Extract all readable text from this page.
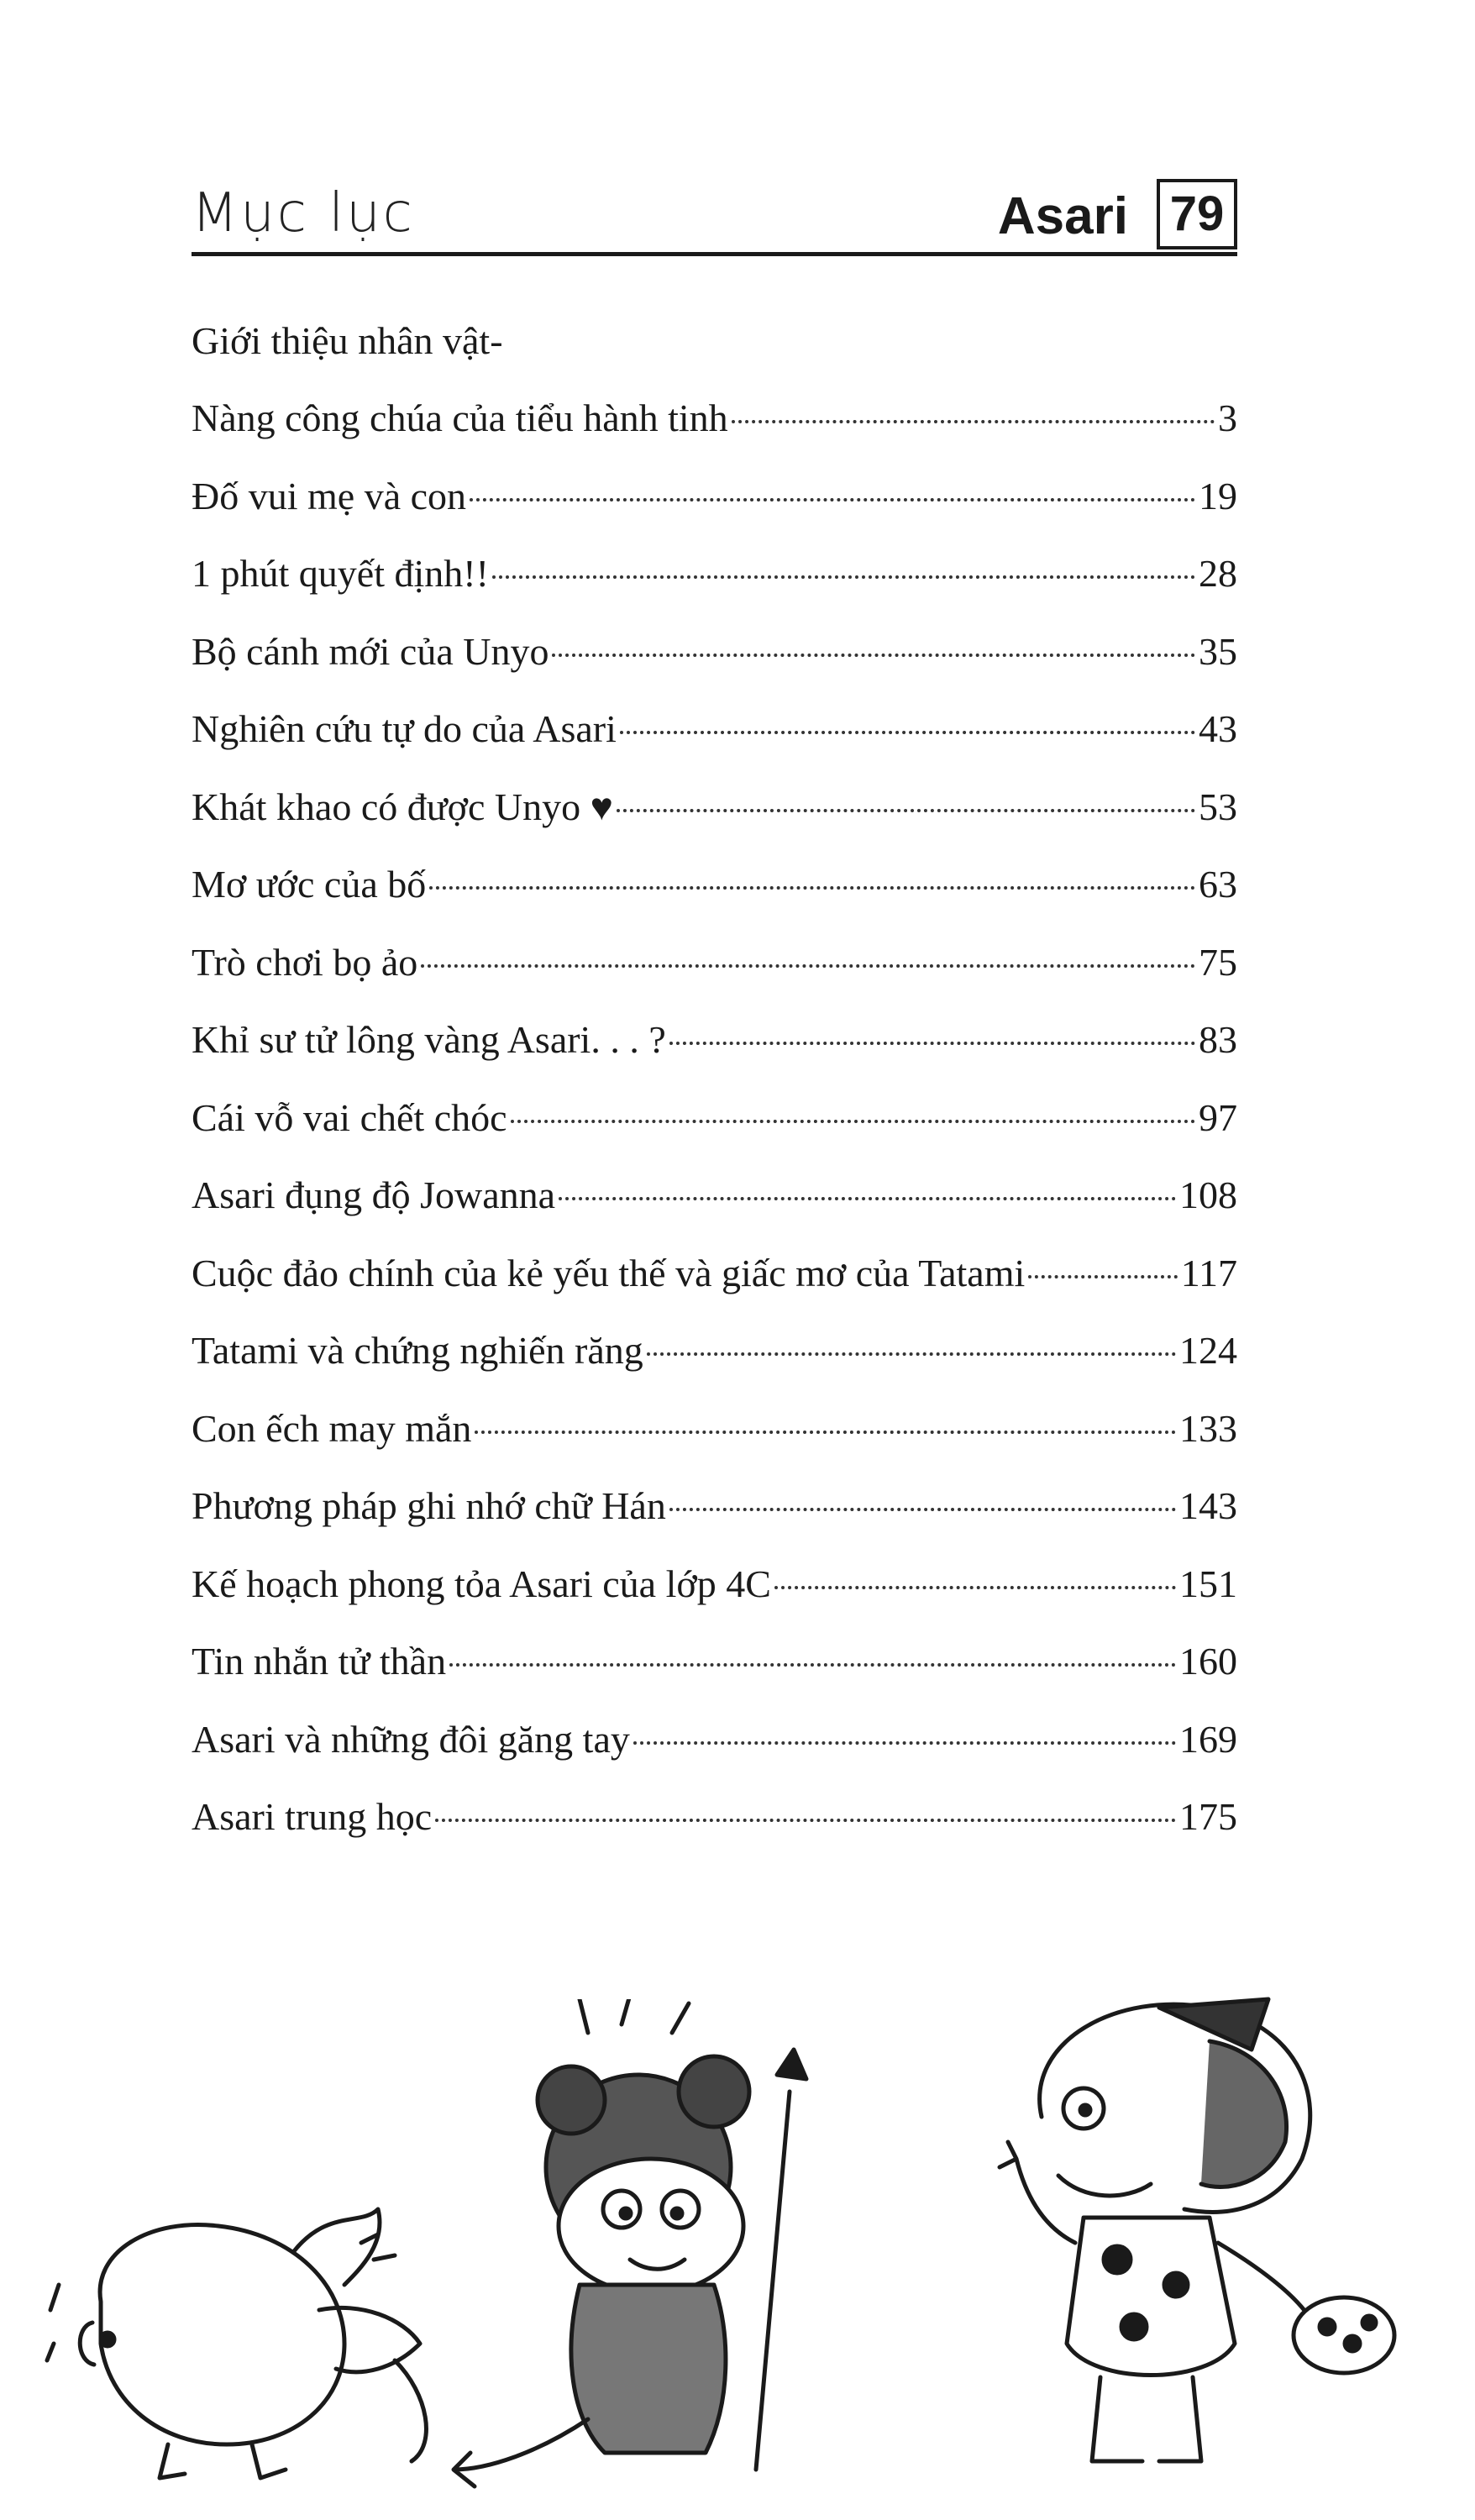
Mục lục	Asari 79
Giới thiệu nhân vật-
Nàng công chúa của tiểu hành tinh	3
Đố vui mẹ và con	19
1 phút quyết định!!	28
Bộ cánh mới của Unyo	35
Nghiên cứu tự do của Asari	43
Khát khao có được Unyo ♥	53
Mơ ước của bố	63
Trò chơi bọ ảo	75
Khỉ sư tử lông vàng Asari. . . ?	83
Cái vỗ vai chết chóc	97
Asari đụng độ Jowanna	108
Cuộc đảo chính của kẻ yếu thế và giấc mơ của Tatami	117
Tatami và chứng nghiến răng	124
Con ếch may mắn	133
Phương pháp ghi nhớ chữ Hán	143
Kế hoạch phong tỏa Asari của lớp 4C	151
Tin nhắn tử thần	160
Asari và những đôi găng tay	169
Asari trung học	175
